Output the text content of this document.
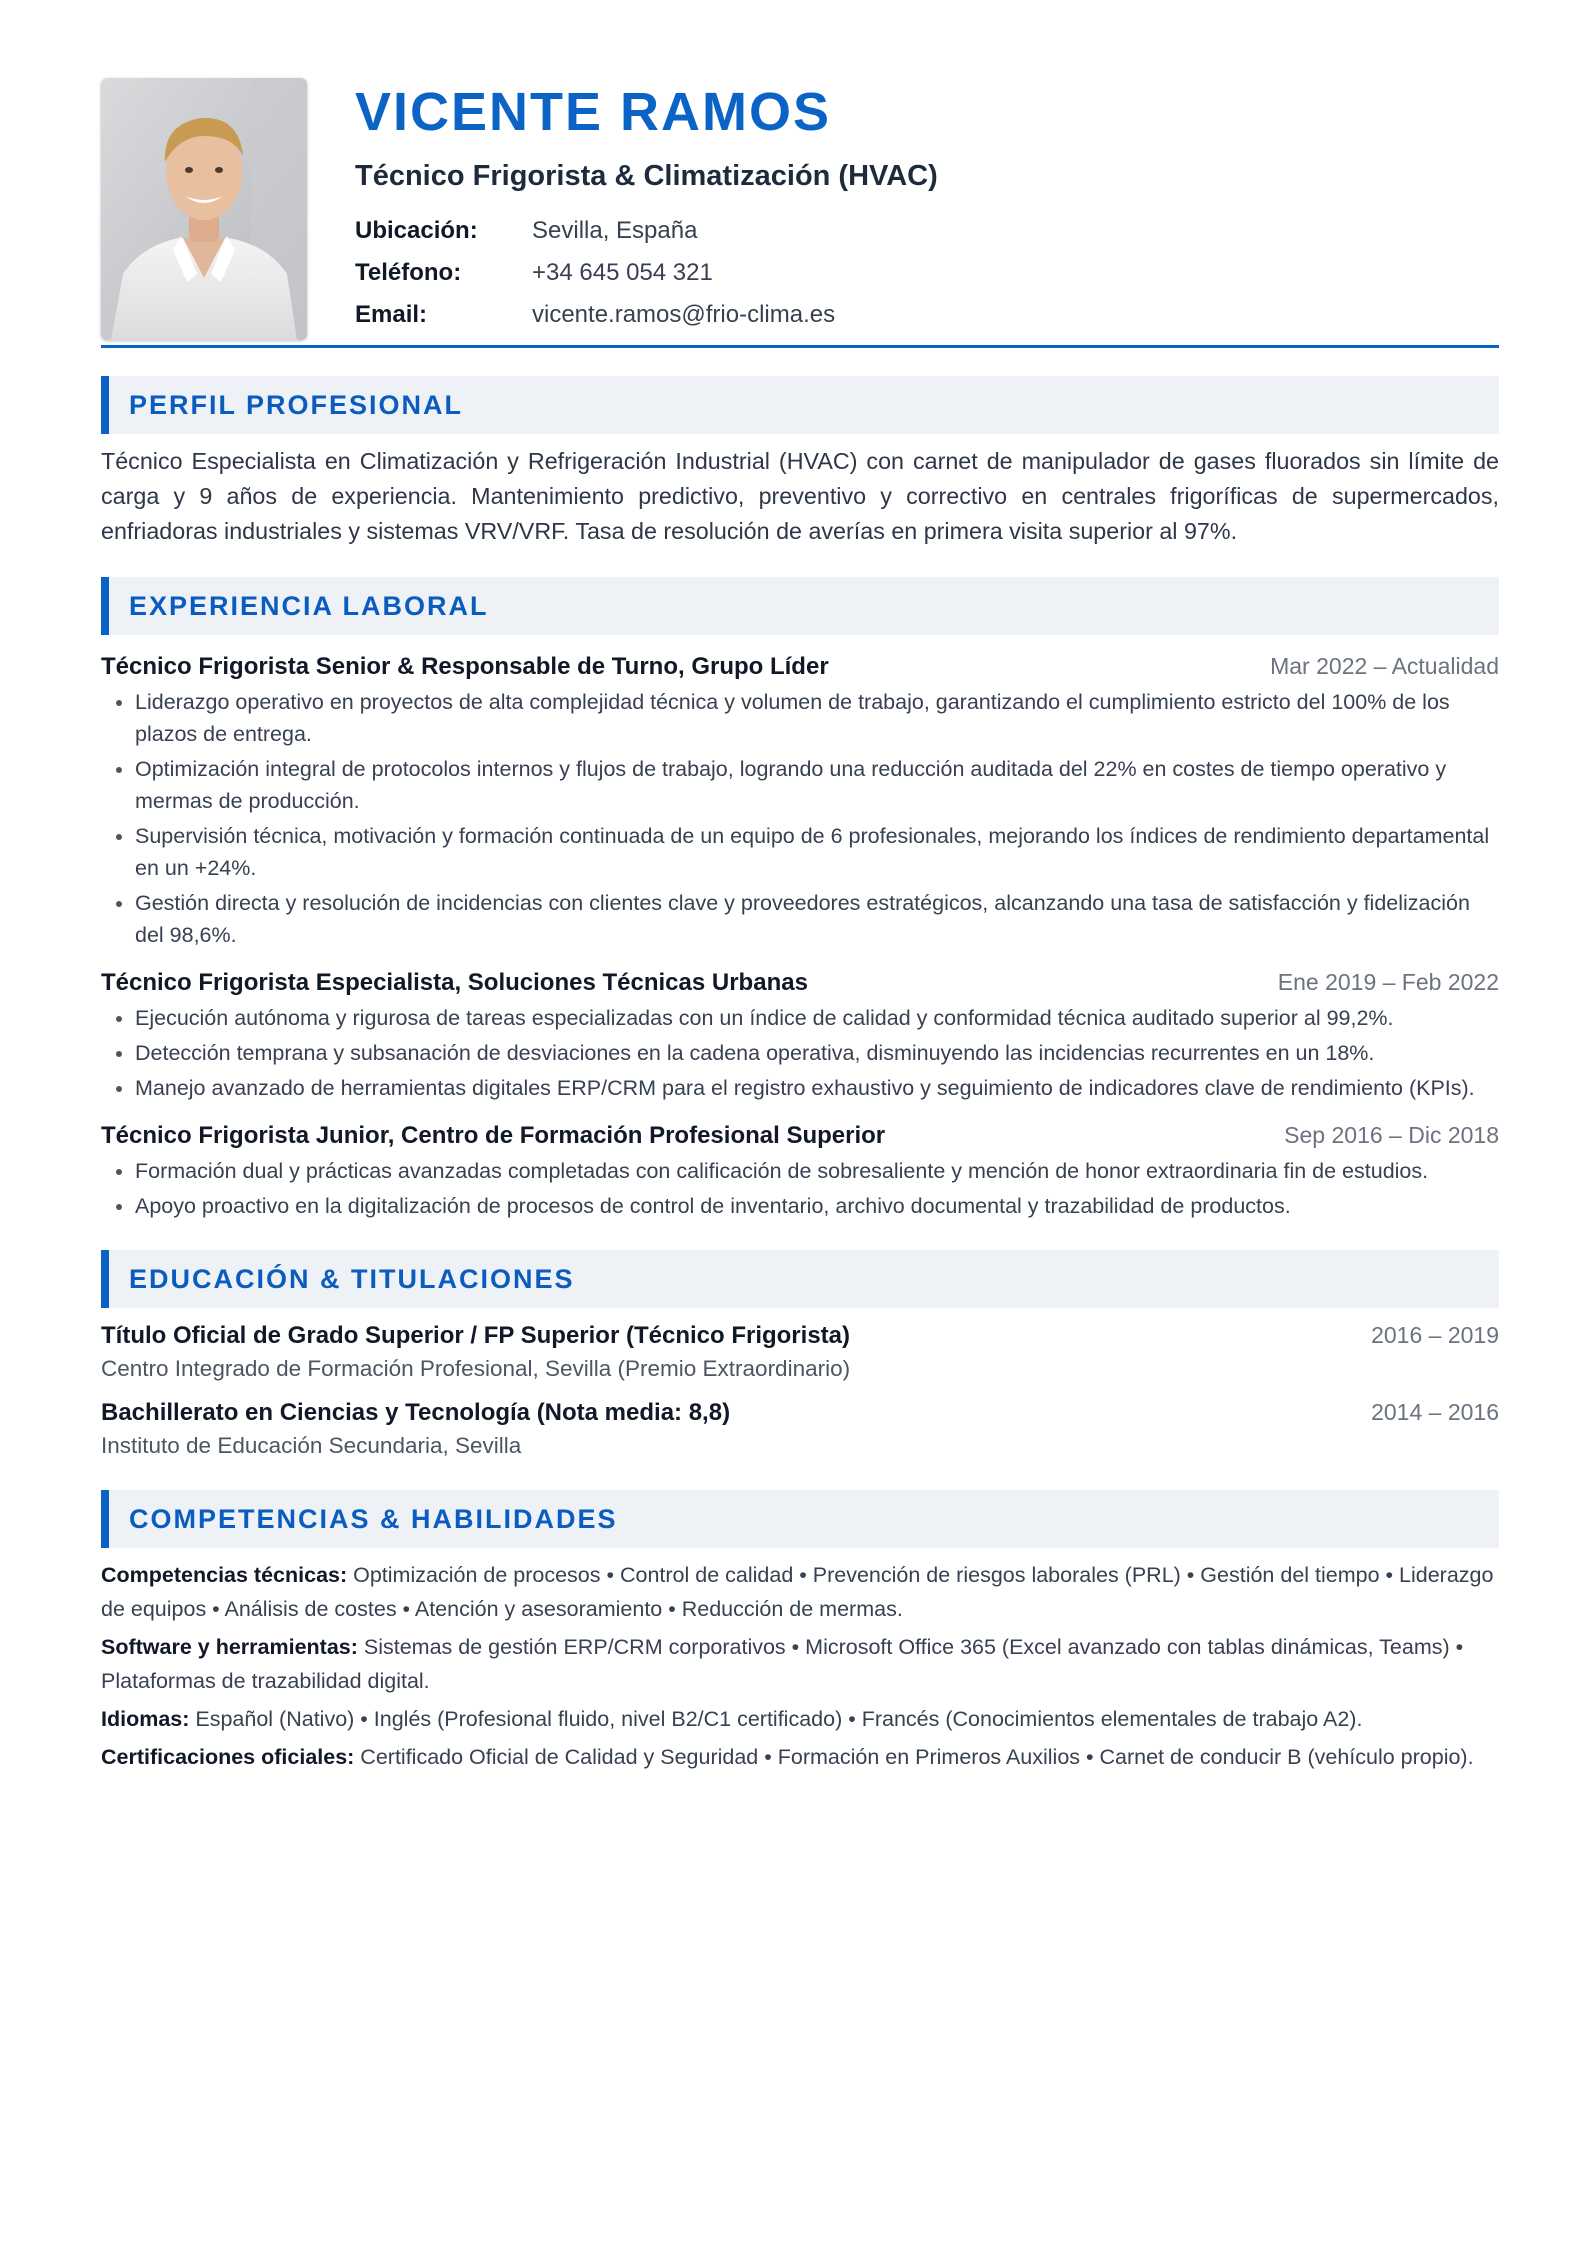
VICENTE RAMOS
Técnico Frigorista & Climatización (HVAC)
Ubicación:	Sevilla, España
Teléfono:	+34 645 054 321
Email:	vicente.ramos@frio-clima.es
PERFIL PROFESIONAL

Técnico Especialista en Climatización y Refrigeración Industrial (HVAC) con carnet de manipulador de gases fluorados sin límite de carga y 9 años de experiencia. Mantenimiento predictivo, preventivo y correctivo en centrales frigoríficas de supermercados, enfriadoras industriales y sistemas VRV/VRF. Tasa de resolución de averías en primera visita superior al 97%.

EXPERIENCIA LABORAL
Técnico Frigorista Senior & Responsable de Turno, Grupo Líder	Mar 2022 – Actualidad
• Liderazgo operativo en proyectos de alta complejidad técnica y volumen de trabajo, garantizando el cumplimiento estricto del 100% de los plazos de entrega.
• Optimización integral de protocolos internos y flujos de trabajo, logrando una reducción auditada del 22% en costes de tiempo operativo y mermas de producción.
• Supervisión técnica, motivación y formación continuada de un equipo de 6 profesionales, mejorando los índices de rendimiento departamental en un +24%.
• Gestión directa y resolución de incidencias con clientes clave y proveedores estratégicos, alcanzando una tasa de satisfacción y fidelización del 98,6%.
Técnico Frigorista Especialista, Soluciones Técnicas Urbanas	Ene 2019 – Feb 2022
• Ejecución autónoma y rigurosa de tareas especializadas con un índice de calidad y conformidad técnica auditado superior al 99,2%.
• Detección temprana y subsanación de desviaciones en la cadena operativa, disminuyendo las incidencias recurrentes en un 18%.
• Manejo avanzado de herramientas digitales ERP/CRM para el registro exhaustivo y seguimiento de indicadores clave de rendimiento (KPIs).
Técnico Frigorista Junior, Centro de Formación Profesional Superior	Sep 2016 – Dic 2018
• Formación dual y prácticas avanzadas completadas con calificación de sobresaliente y mención de honor extraordinaria fin de estudios.
• Apoyo proactivo en la digitalización de procesos de control de inventario, archivo documental y trazabilidad de productos.
EDUCACIÓN & TITULACIONES
Título Oficial de Grado Superior / FP Superior (Técnico Frigorista)	2016 – 2019
Centro Integrado de Formación Profesional, Sevilla (Premio Extraordinario)
Bachillerato en Ciencias y Tecnología (Nota media: 8,8)	2014 – 2016
Instituto de Educación Secundaria, Sevilla
COMPETENCIAS & HABILIDADES
Competencias técnicas: Optimización de procesos • Control de calidad • Prevención de riesgos laborales (PRL) • Gestión del tiempo • Liderazgo de equipos • Análisis de costes • Atención y asesoramiento • Reducción de mermas.
Software y herramientas: Sistemas de gestión ERP/CRM corporativos • Microsoft Office 365 (Excel avanzado con tablas dinámicas, Teams) • Plataformas de trazabilidad digital.
Idiomas: Español (Nativo) • Inglés (Profesional fluido, nivel B2/C1 certificado) • Francés (Conocimientos elementales de trabajo A2).
Certificaciones oficiales: Certificado Oficial de Calidad y Seguridad • Formación en Primeros Auxilios • Carnet de conducir B (vehículo propio).
